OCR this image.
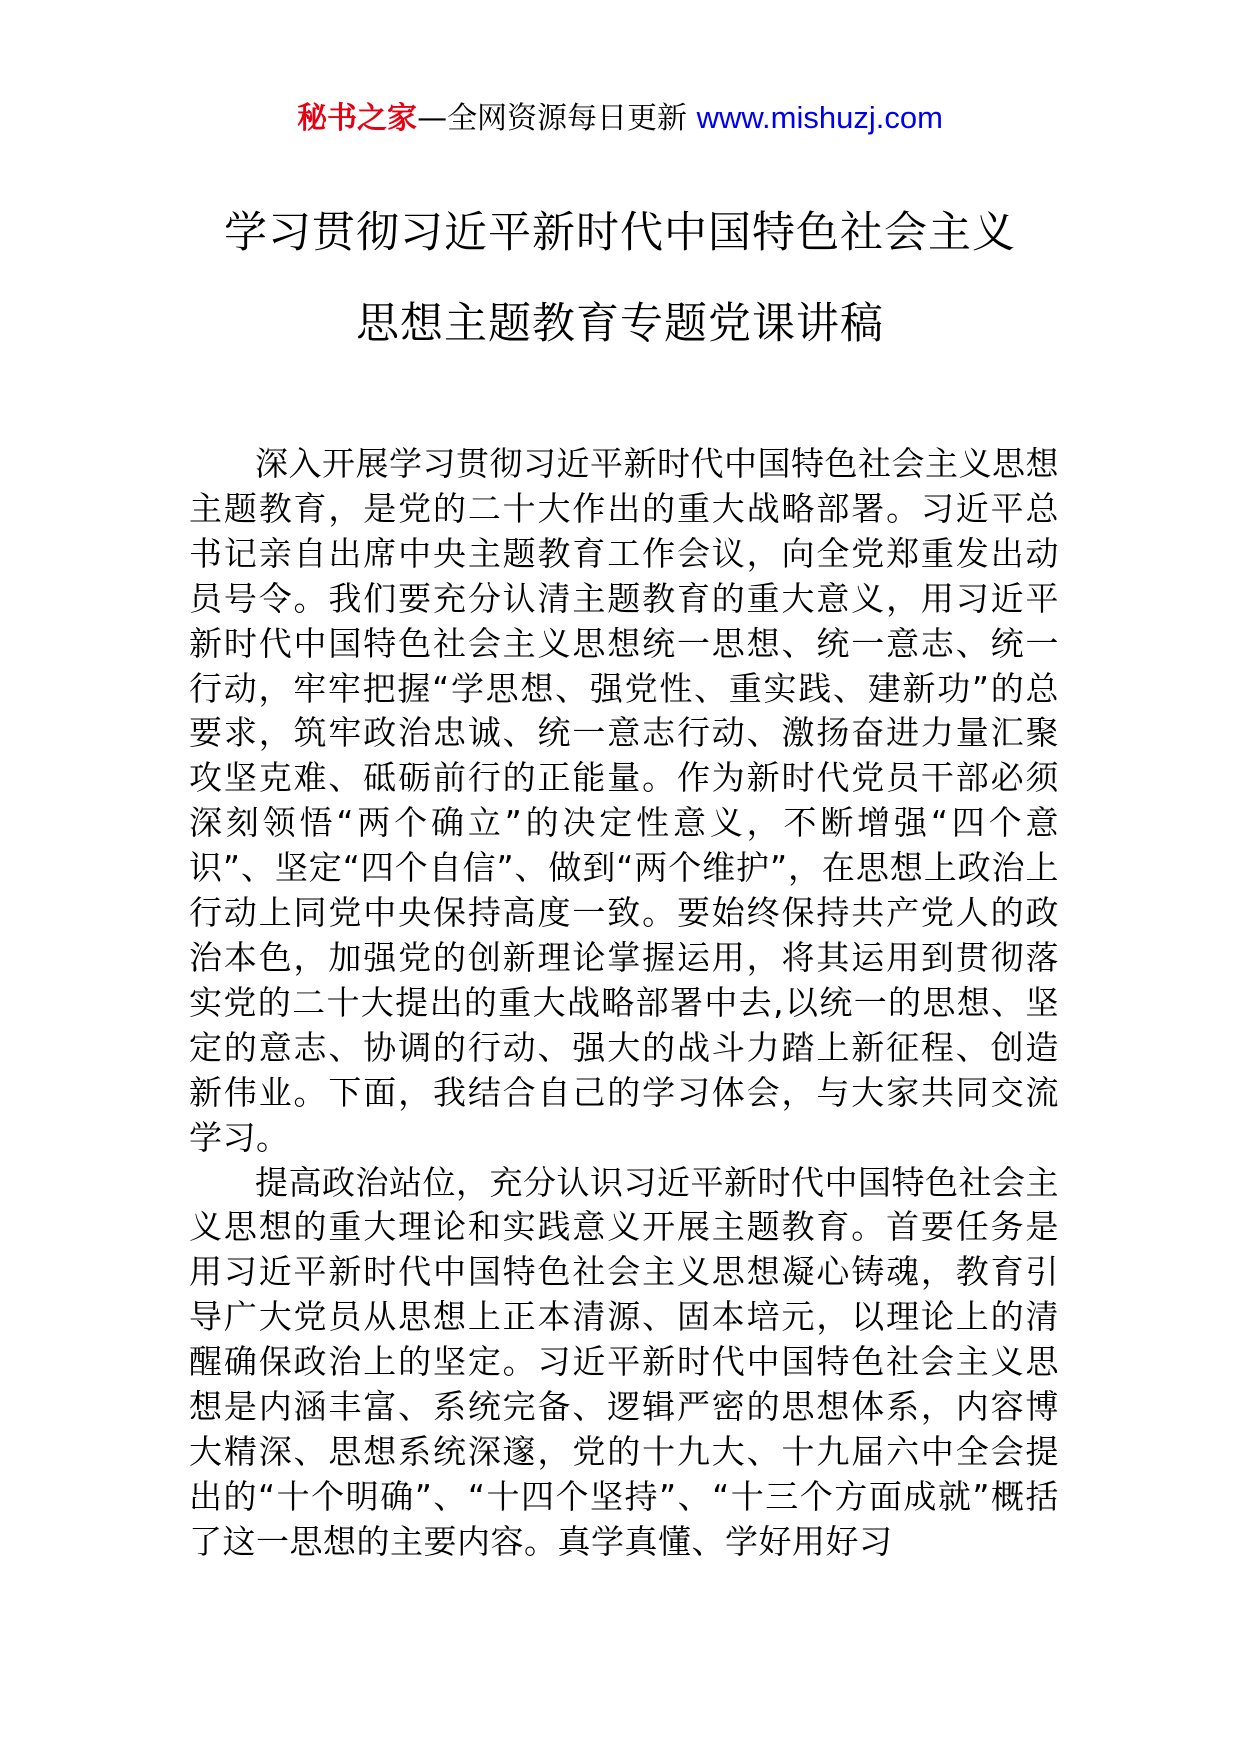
秘书之家—全网资源每日更新 www.mishuzj.com
学习贯彻习近平新时代中国特色社会主义
思想主题教育专题党课讲稿

深入开展学习贯彻习近平新时代中国特色社会主义思想主题教育，是党的二十大作出的重大战略部署。习近平总书记亲自出席中央主题教育工作会议，向全党郑重发出动员号令。我们要充分认清主题教育的重大意义，用习近平新时代中国特色社会主义思想统一思想、统一意志、统一行动，牢牢把握“学思想、强党性、重实践、建新功”的总要求，筑牢政治忠诚、统一意志行动、激扬奋进力量汇聚攻坚克难、砥砺前行的正能量。作为新时代党员干部必须深刻领悟“两个确立”的决定性意义，不断增强“四个意识”、坚定“四个自信”、做到“两个维护”，在思想上政治上行动上同党中央保持高度一致。要始终保持共产党人的政治本色，加强党的创新理论掌握运用，将其运用到贯彻落实党的二十大提出的重大战略部署中去,以统一的思想、坚定的意志、协调的行动、强大的战斗力踏上新征程、创造新伟业。下面，我结合自己的学习体会，与大家共同交流学习。

提高政治站位，充分认识习近平新时代中国特色社会主义思想的重大理论和实践意义开展主题教育。首要任务是用习近平新时代中国特色社会主义思想凝心铸魂，教育引导广大党员从思想上正本清源、固本培元，以理论上的清醒确保政治上的坚定。习近平新时代中国特色社会主义思想是内涵丰富、系统完备、逻辑严密的思想体系，内容博大精深、思想系统深邃，党的十九大、十九届六中全会提出的“十个明确”、“十四个坚持”、“十三个方面成就”概括了这一思想的主要内容。真学真懂、学好用好习
